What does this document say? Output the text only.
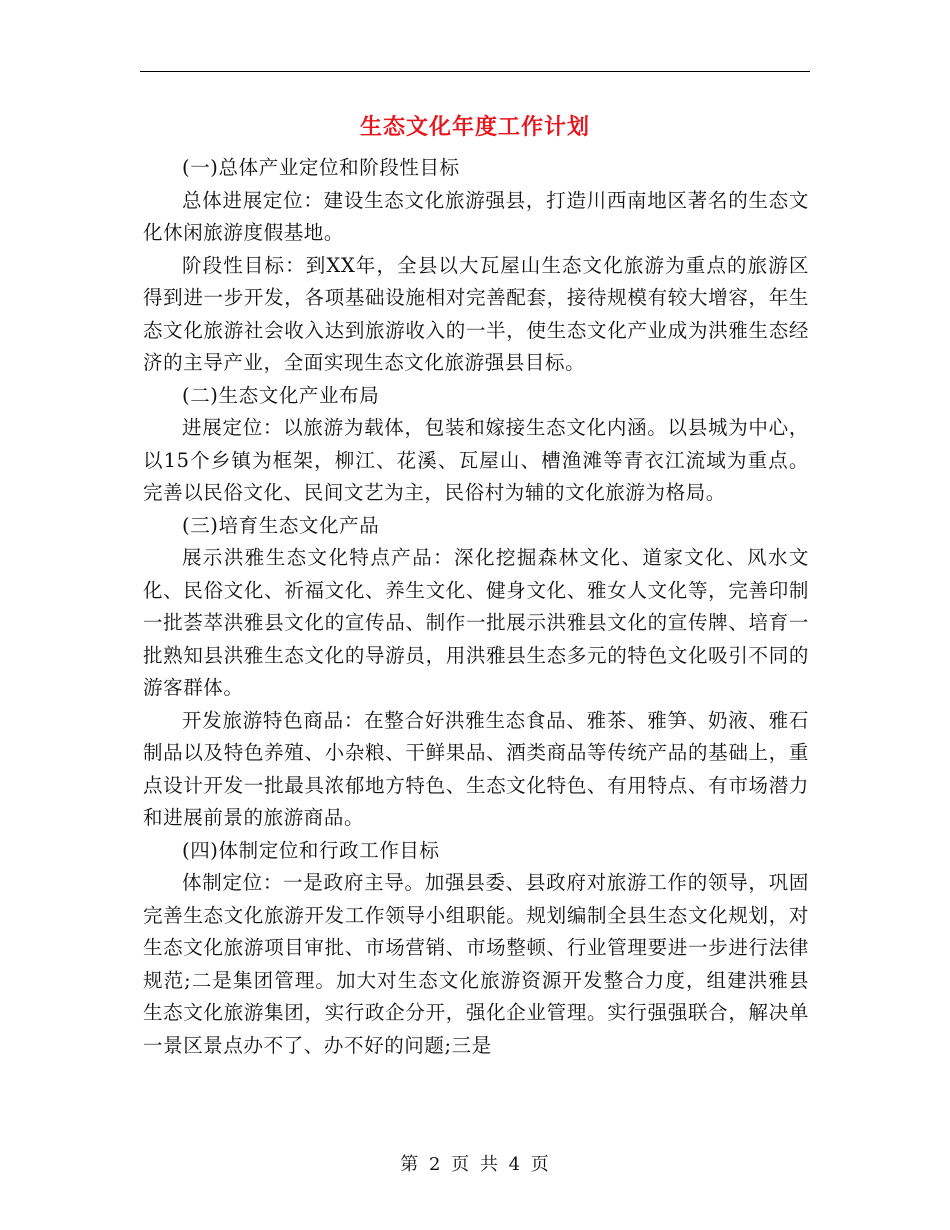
生态文化年度工作计划

(一)总体产业定位和阶段性目标

总体进展定位：建设生态文化旅游强县，打造川西南地区著名的生态文化休闲旅游度假基地。

阶段性目标：到XX年，全县以大瓦屋山生态文化旅游为重点的旅游区得到进一步开发，各项基础设施相对完善配套，接待规模有较大增容，年生态文化旅游社会收入达到旅游收入的一半，使生态文化产业成为洪雅生态经济的主导产业，全面实现生态文化旅游强县目标。

(二)生态文化产业布局

进展定位：以旅游为载体，包装和嫁接生态文化内涵。以县城为中心，以15个乡镇为框架，柳江、花溪、瓦屋山、槽渔滩等青衣江流域为重点。完善以民俗文化、民间文艺为主，民俗村为辅的文化旅游为格局。

(三)培育生态文化产品

展示洪雅生态文化特点产品：深化挖掘森林文化、道家文化、风水文化、民俗文化、祈福文化、养生文化、健身文化、雅女人文化等，完善印制一批荟萃洪雅县文化的宣传品、制作一批展示洪雅县文化的宣传牌、培育一批熟知县洪雅生态文化的导游员，用洪雅县生态多元的特色文化吸引不同的游客群体。

开发旅游特色商品：在整合好洪雅生态食品、雅茶、雅笋、奶液、雅石制品以及特色养殖、小杂粮、干鲜果品、酒类商品等传统产品的基础上，重点设计开发一批最具浓郁地方特色、生态文化特色、有用特点、有市场潜力和进展前景的旅游商品。

(四)体制定位和行政工作目标

体制定位：一是政府主导。加强县委、县政府对旅游工作的领导，巩固完善生态文化旅游开发工作领导小组职能。规划编制全县生态文化规划，对生态文化旅游项目审批、市场营销、市场整顿、行业管理要进一步进行法律规范;二是集团管理。加大对生态文化旅游资源开发整合力度，组建洪雅县生态文化旅游集团，实行政企分开，强化企业管理。实行强强联合，解决单一景区景点办不了、办不好的问题;三是

第 2 页 共 4 页
